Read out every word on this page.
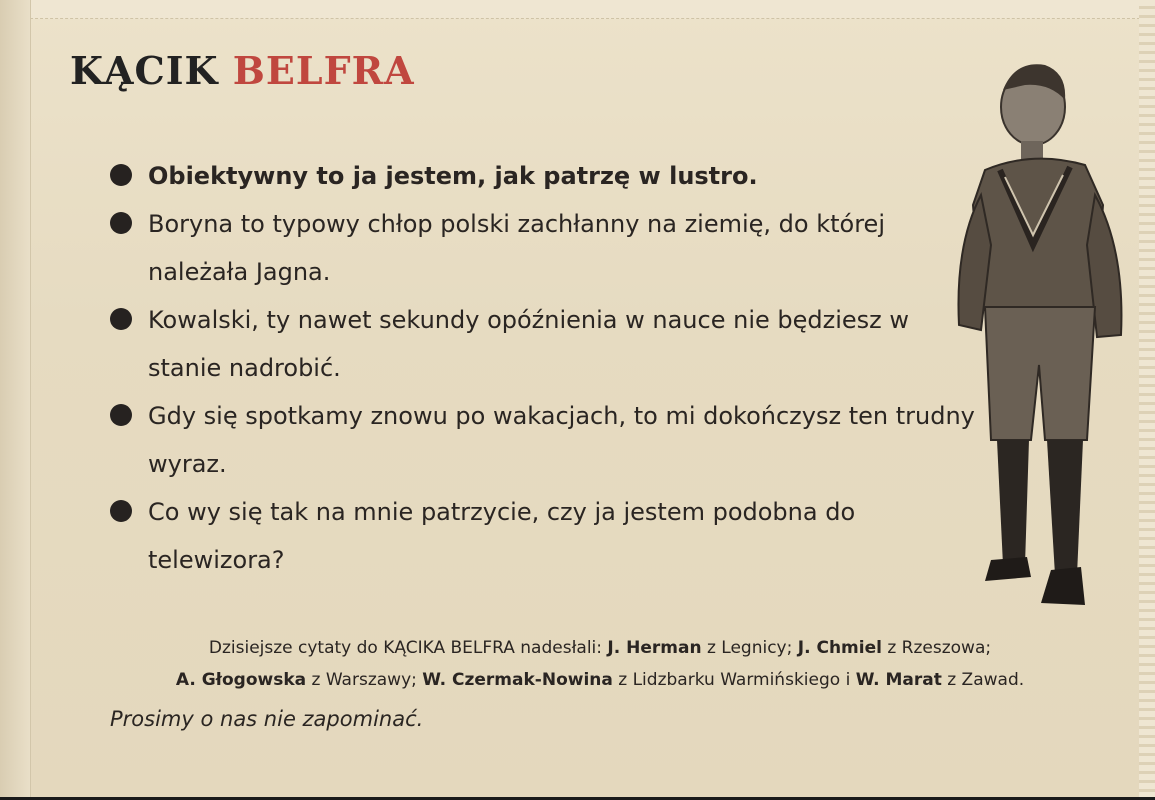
KĄCIK BELFRA
Obiektywny to ja jestem, jak patrzę w lustro.
Boryna to typowy chłop polski zachłanny na ziemię, do której należała Jagna.
Kowalski, ty nawet sekundy opóźnienia w nauce nie będziesz w stanie nadrobić.
Gdy się spotkamy znowu po wakacjach, to mi dokończysz ten trudny wyraz.
Co wy się tak na mnie patrzycie, czy ja jestem podobna do telewizora?

Dzisiejsze cytaty do KĄCIKA BELFRA nadesłali: J. Herman z Legnicy; J. Chmiel z Rzeszowa;
A. Głogowska z Warszawy; W. Czermak-Nowina z Lidzbarku Warmińskiego i W. Marat z Zawad.

Prosimy o nas nie zapominać.
